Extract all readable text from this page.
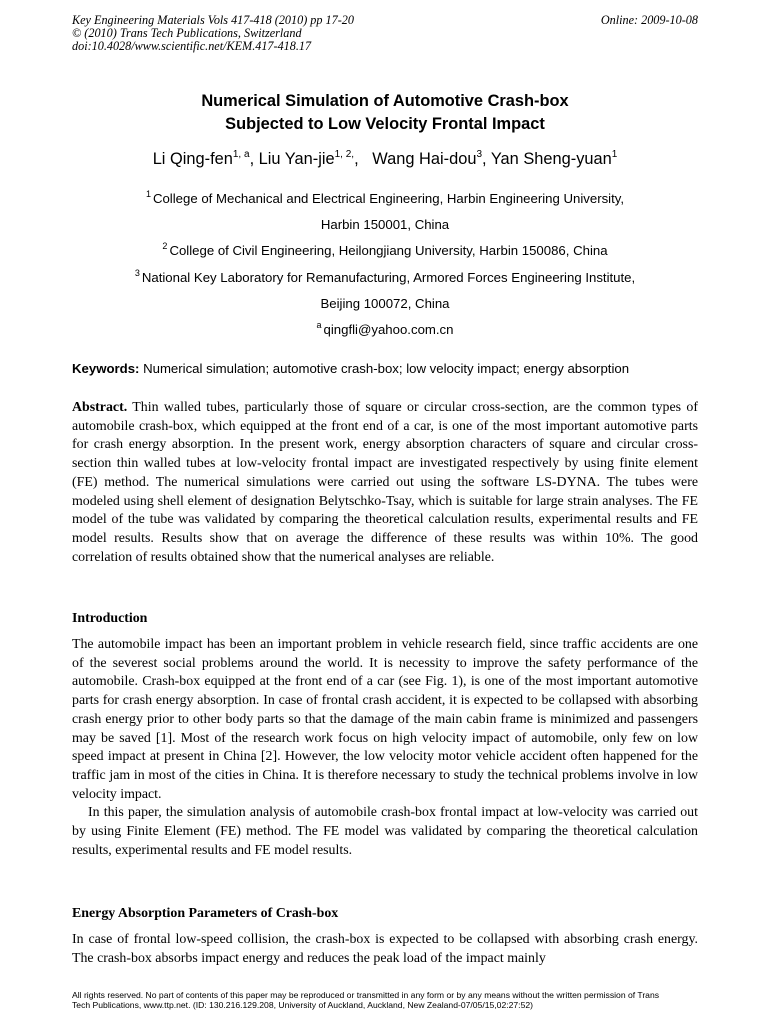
Key Engineering Materials Vols 417-418 (2010) pp 17-20
© (2010) Trans Tech Publications, Switzerland
doi:10.4028/www.scientific.net/KEM.417-418.17
Online: 2009-10-08
Numerical Simulation of Automotive Crash-box
Subjected to Low Velocity Frontal Impact
Li Qing-fen$^{1, a}$, Liu Yan-jie$^{1, 2,}$,   Wang Hai-dou$^3$, Yan Sheng-yuan$^1$
$^1$ College of Mechanical and Electrical Engineering, Harbin Engineering University,
Harbin 150001, China
$^2$ College of Civil Engineering, Heilongjiang University, Harbin 150086, China
$^3$ National Key Laboratory for Remanufacturing, Armored Forces Engineering Institute,
Beijing 100072, China
$^a$ qingfli@yahoo.com.cn
Keywords: Numerical simulation; automotive crash-box; low velocity impact; energy absorption

Abstract. Thin walled tubes, particularly those of square or circular cross-section, are the common types of automobile crash-box, which equipped at the front end of a car, is one of the most important automotive parts for crash energy absorption. In the present work, energy absorption characters of square and circular cross-section thin walled tubes at low-velocity frontal impact are investigated respectively by using finite element (FE) method. The numerical simulations were carried out using the software LS-DYNA. The tubes were modeled using shell element of designation Belytschko-Tsay, which is suitable for large strain analyses. The FE model of the tube was validated by comparing the theoretical calculation results, experimental results and FE model results. Results show that on average the difference of these results was within 10%. The good correlation of results obtained show that the numerical analyses are reliable.

Introduction

The automobile impact has been an important problem in vehicle research field, since traffic accidents are one of the severest social problems around the world. It is necessity to improve the safety performance of the automobile. Crash-box equipped at the front end of a car (see Fig. 1), is one of the most important automotive parts for crash energy absorption. In case of frontal crash accident, it is expected to be collapsed with absorbing crash energy prior to other body parts so that the damage of the main cabin frame is minimized and passengers may be saved [1]. Most of the research work focus on high velocity impact of automobile, only few on low speed impact at present in China [2]. However, the low velocity motor vehicle accident often happened for the traffic jam in most of the cities in China. It is therefore necessary to study the technical problems involve in low velocity impact.

In this paper, the simulation analysis of automobile crash-box frontal impact at low-velocity was carried out by using Finite Element (FE) method. The FE model was validated by comparing the theoretical calculation results, experimental results and FE model results.

Energy Absorption Parameters of Crash-box

In case of frontal low-speed collision, the crash-box is expected to be collapsed with absorbing crash energy. The crash-box absorbs impact energy and reduces the peak load of the impact mainly

All rights reserved. No part of contents of this paper may be reproduced or transmitted in any form or by any means without the written permission of Trans
Tech Publications, www.ttp.net. (ID: 130.216.129.208, University of Auckland, Auckland, New Zealand-07/05/15,02:27:52)
